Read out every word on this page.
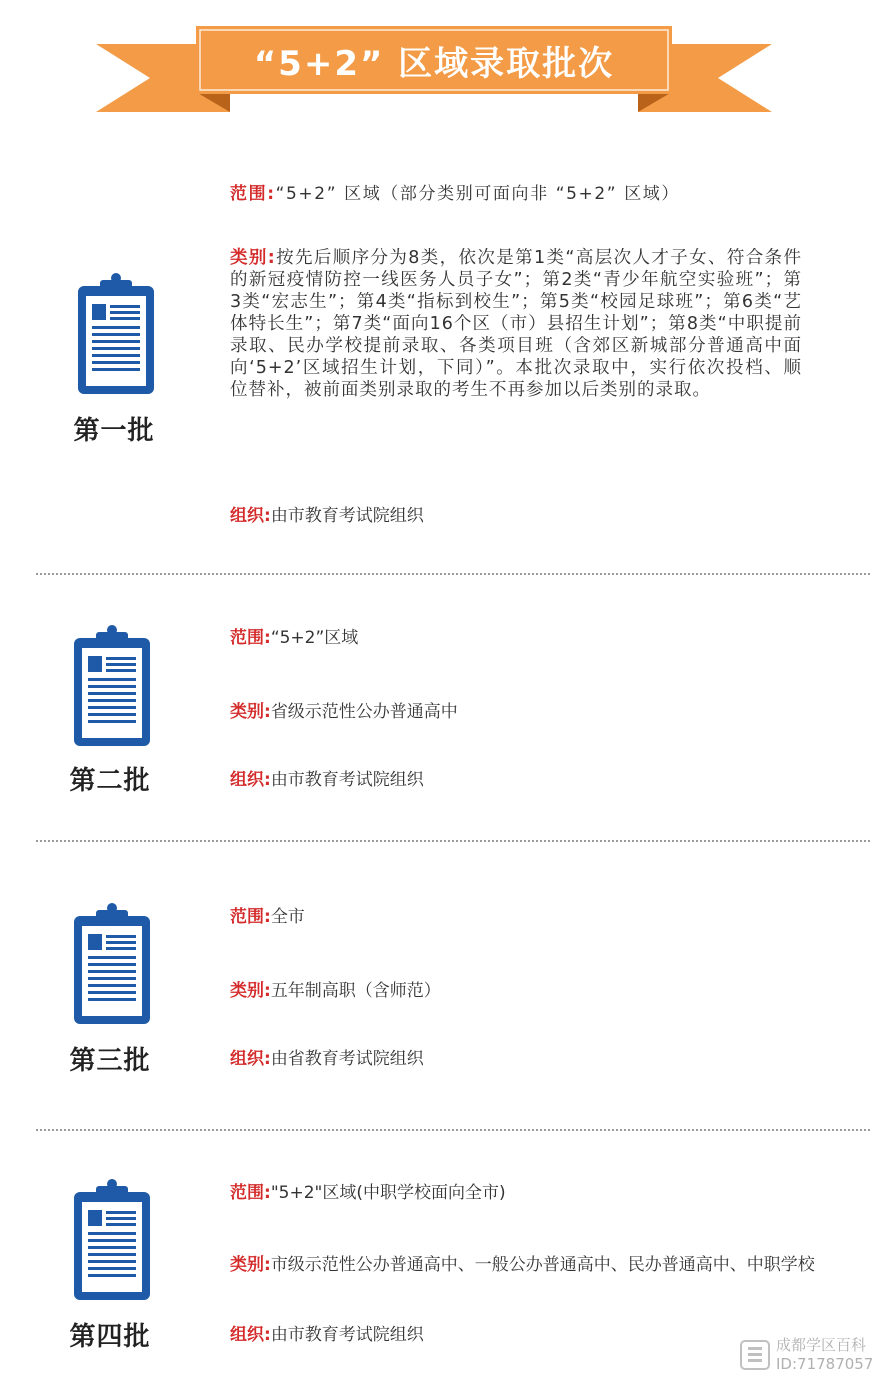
“5+2” 区域录取批次
第一批
范围:“5+2” 区域（部分类别可面向非 “5+2” 区域）
类别:按先后顺序分为8类，依次是第1类“高层次人才子女、符合条件的新冠疫情防控一线医务人员子女”；第2类“青少年航空实验班”；第3类“宏志生”；第4类“指标到校生”；第5类“校园足球班”；第6类“艺体特长生”；第7类“面向16个区（市）县招生计划”；第8类“中职提前录取、民办学校提前录取、各类项目班（含郊区新城部分普通高中面向‘5+2’区域招生计划，下同）”。本批次录取中，实行依次投档、顺位替补，被前面类别录取的考生不再参加以后类别的录取。
组织:由市教育考试院组织
第二批
范围:“5+2”区域
类别:省级示范性公办普通高中
组织:由市教育考试院组织
第三批
范围:全市
类别:五年制高职（含师范）
组织:由省教育考试院组织
第四批
范围:"5+2"区域(中职学校面向全市)
类别:市级示范性公办普通高中、一般公办普通高中、民办普通高中、中职学校
组织:由市教育考试院组织	成都学区百科
ID:71787057
